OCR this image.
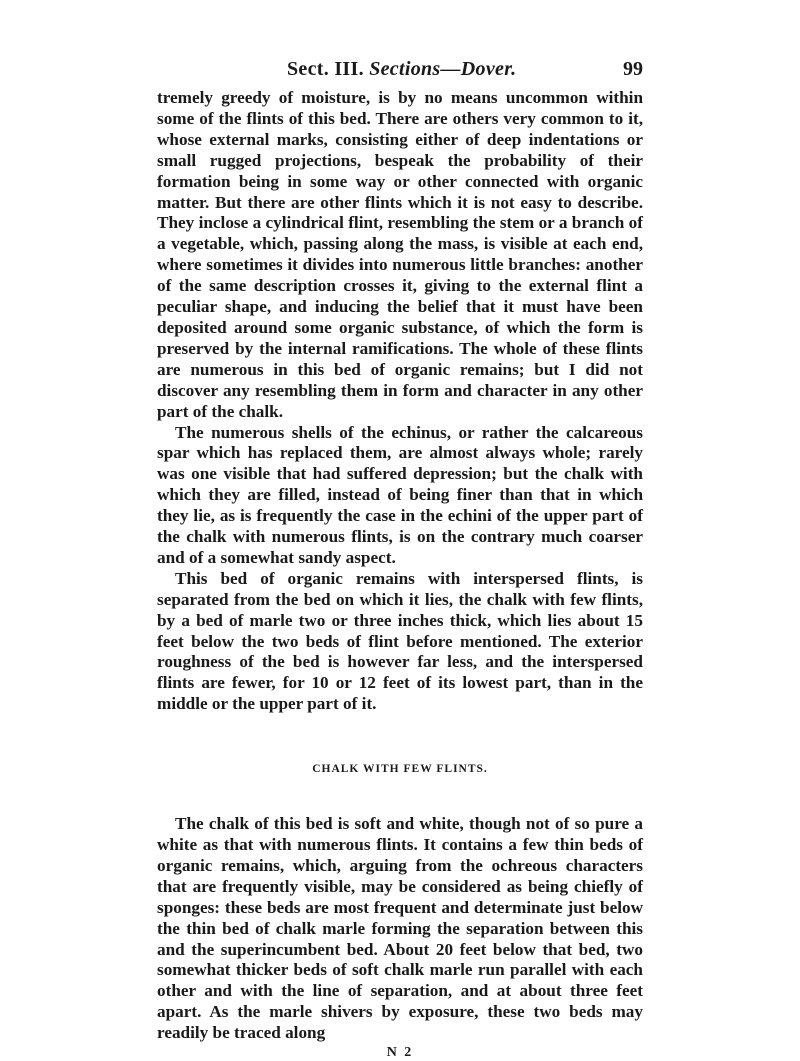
Sect. III. Sections—Dover.	99

tremely greedy of moisture, is by no means uncommon within some of the flints of this bed. There are others very common to it, whose external marks, consisting either of deep indentations or small rugged projections, bespeak the probability of their formation being in some way or other connected with organic matter. But there are other flints which it is not easy to describe. They inclose a cylindrical flint, resembling the stem or a branch of a vegetable, which, passing along the mass, is visible at each end, where sometimes it divides into numerous little branches: another of the same description crosses it, giving to the external flint a peculiar shape, and inducing the belief that it must have been deposited around some organic substance, of which the form is preserved by the internal ramifications. The whole of these flints are numerous in this bed of organic remains; but I did not discover any resembling them in form and character in any other part of the chalk.

The numerous shells of the echinus, or rather the calcareous spar which has replaced them, are almost always whole; rarely was one visible that had suffered depression; but the chalk with which they are filled, instead of being finer than that in which they lie, as is frequently the case in the echini of the upper part of the chalk with numerous flints, is on the contrary much coarser and of a somewhat sandy aspect.

This bed of organic remains with interspersed flints, is separated from the bed on which it lies, the chalk with few flints, by a bed of marle two or three inches thick, which lies about 15 feet below the two beds of flint before mentioned. The exterior roughness of the bed is however far less, and the interspersed flints are fewer, for 10 or 12 feet of its lowest part, than in the middle or the upper part of it.

CHALK WITH FEW FLINTS.

The chalk of this bed is soft and white, though not of so pure a white as that with numerous flints. It contains a few thin beds of organic remains, which, arguing from the ochreous characters that are frequently visible, may be considered as being chiefly of sponges: these beds are most frequent and determinate just below the thin bed of chalk marle forming the separation between this and the superincumbent bed. About 20 feet below that bed, two somewhat thicker beds of soft chalk marle run parallel with each other and with the line of separation, and at about three feet apart. As the marle shivers by exposure, these two beds may readily be traced along

N 2
